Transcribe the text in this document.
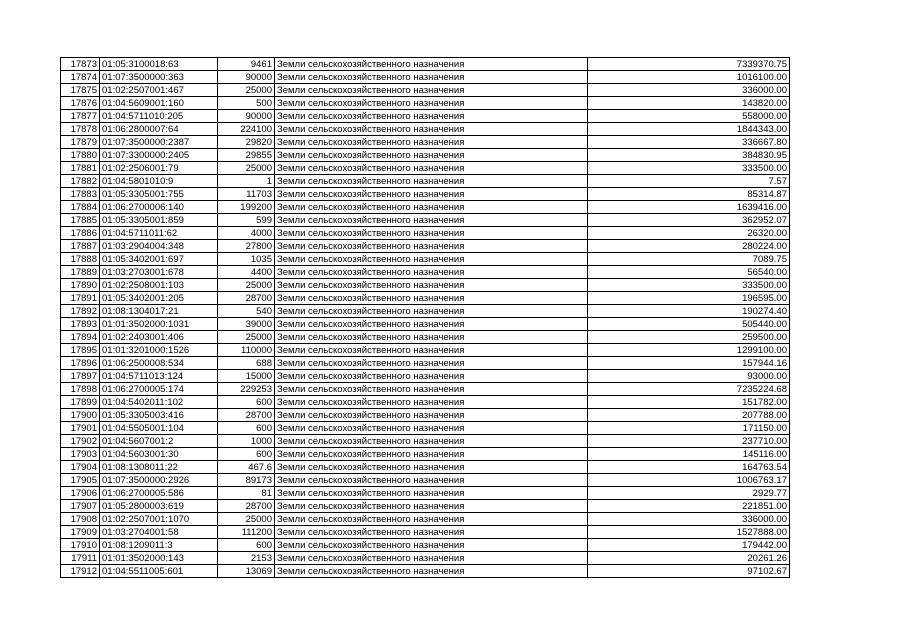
17873	01:05:3100018:63	9461	Земли сельскохозяйственного назначения	7339370.75
17874	01:07:3500000:363	90000	Земли сельскохозяйственного назначения	1016100.00
17875	01:02:2507001:467	25000	Земли сельскохозяйственного назначения	336000.00
17876	01:04:5609001:160	500	Земли сельскохозяйственного назначения	143820.00
17877	01:04:5711010:205	90000	Земли сельскохозяйственного назначения	558000.00
17878	01:06:2800007:64	224100	Земли сельскохозяйственного назначения	1844343.00
17879	01:07:3500000:2387	29820	Земли сельскохозяйственного назначения	336667.80
17880	01:07:3300000:2405	29855	Земли сельскохозяйственного назначения	384830.95
17881	01:02:2506001:79	25000	Земли сельскохозяйственного назначения	333500.00
17882	01:04:5801010:9	1	Земли сельскохозяйственного назначения	7.57
17883	01:05:3305001:755	11703	Земли сельскохозяйственного назначения	85314.87
17884	01:06:2700006:140	199200	Земли сельскохозяйственного назначения	1639416.00
17885	01:05:3305001:859	599	Земли сельскохозяйственного назначения	362952.07
17886	01:04:5711011:62	4000	Земли сельскохозяйственного назначения	26320.00
17887	01:03:2904004:348	27800	Земли сельскохозяйственного назначения	280224.00
17888	01:05:3402001:697	1035	Земли сельскохозяйственного назначения	7089.75
17889	01:03:2703001:678	4400	Земли сельскохозяйственного назначения	56540.00
17890	01:02:2508001:103	25000	Земли сельскохозяйственного назначения	333500.00
17891	01:05:3402001:205	28700	Земли сельскохозяйственного назначения	196595.00
17892	01:08:1304017:21	540	Земли сельскохозяйственного назначения	190274.40
17893	01:01:3502000:1031	39000	Земли сельскохозяйственного назначения	505440.00
17894	01:02:2403001:406	25000	Земли сельскохозяйственного назначения	259500.00
17895	01:01:3201000:1526	110000	Земли сельскохозяйственного назначения	1299100.00
17896	01:06:2500008:534	688	Земли сельскохозяйственного назначения	157944.16
17897	01:04:5711013:124	15000	Земли сельскохозяйственного назначения	93000.00
17898	01:06:2700005:174	229253	Земли сельскохозяйственного назначения	7235224.68
17899	01:04:5402011:102	600	Земли сельскохозяйственного назначения	151782.00
17900	01:05:3305003:416	28700	Земли сельскохозяйственного назначения	207788.00
17901	01:04:5505001:104	600	Земли сельскохозяйственного назначения	171150.00
17902	01:04:5607001:2	1000	Земли сельскохозяйственного назначения	237710.00
17903	01:04:5603001:30	600	Земли сельскохозяйственного назначения	145116.00
17904	01:08:1308011:22	467.6	Земли сельскохозяйственного назначения	164763.54
17905	01:07:3500000:2926	89173	Земли сельскохозяйственного назначения	1006763.17
17906	01:06:2700005:586	81	Земли сельскохозяйственного назначения	2929.77
17907	01:05:2800003:619	28700	Земли сельскохозяйственного назначения	221851.00
17908	01:02:2507001:1070	25000	Земли сельскохозяйственного назначения	336000.00
17909	01:03:2704001:58	111200	Земли сельскохозяйственного назначения	1527888.00
17910	01:08:1209011:3	600	Земли сельскохозяйственного назначения	179442.00
17911	01:01:3502000:143	2153	Земли сельскохозяйственного назначения	20261.26
17912	01:04:5511005:601	13069	Земли сельскохозяйственного назначения	97102.67
